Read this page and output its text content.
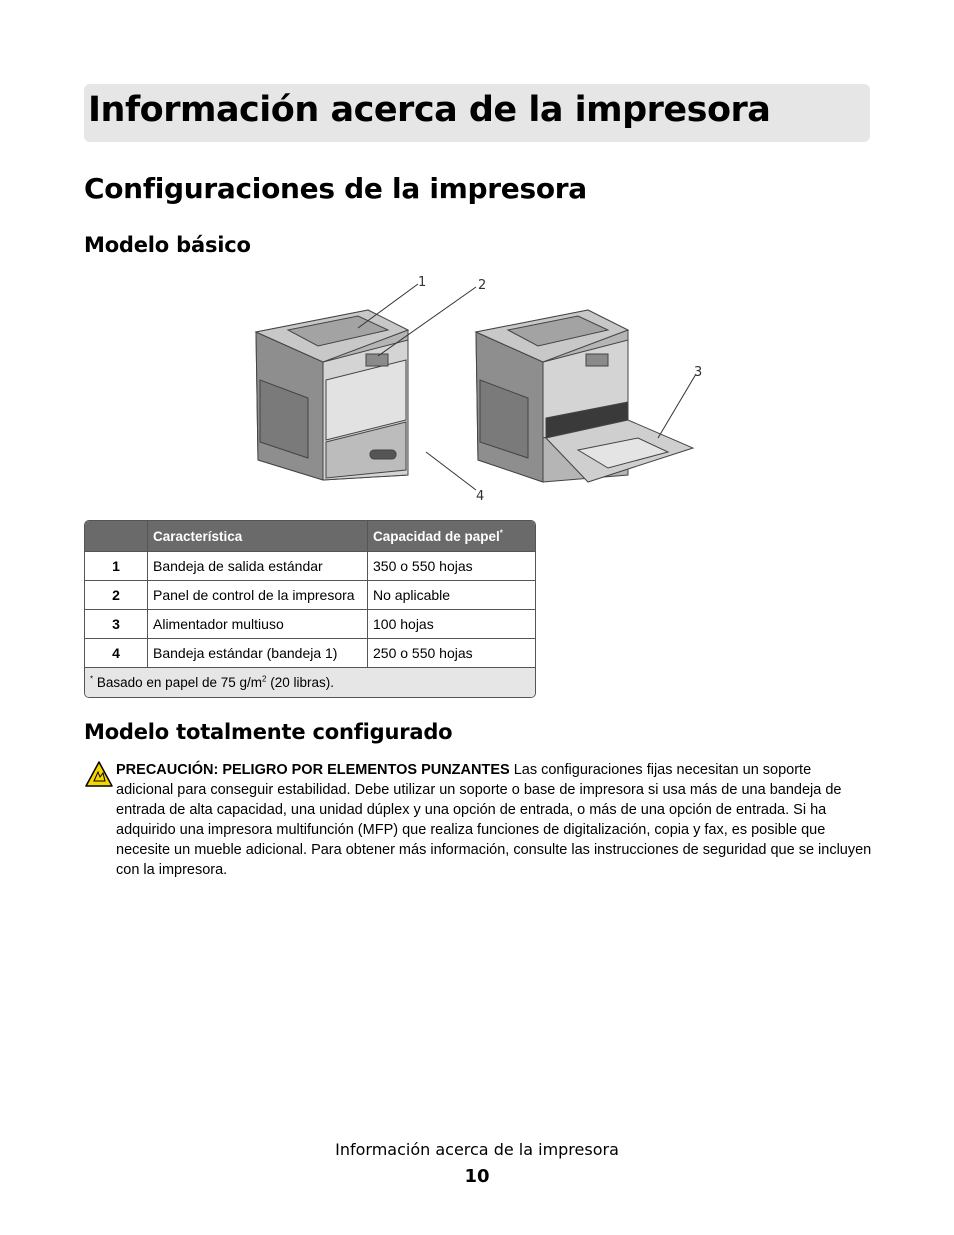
Información acerca de la impresora
Configuraciones de la impresora
Modelo básico
1	2
3
4
	Característica	Capacidad de papel*
1	Bandeja de salida estándar	350 o 550 hojas
2	Panel de control de la impresora	No aplicable
3	Alimentador multiuso	100 hojas
4	Bandeja estándar (bandeja 1)	250 o 550 hojas
* Basado en papel de 75 $g/m^2$ (20 libras).		
Modelo totalmente configurado

PRECAUCIÓN: PELIGRO POR ELEMENTOS PUNZANTES Las configuraciones fijas necesitan un soporte adicional para conseguir estabilidad. Debe utilizar un soporte o base de impresora si usa más de una bandeja de entrada de alta capacidad, una unidad dúplex y una opción de entrada, o más de una opción de entrada. Si ha adquirido una impresora multifunción (MFP) que realiza funciones de digitalización, copia y fax, es posible que necesite un mueble adicional. Para obtener más información, consulte las instrucciones de seguridad que se incluyen con la impresora.

Información acerca de la impresora
10
